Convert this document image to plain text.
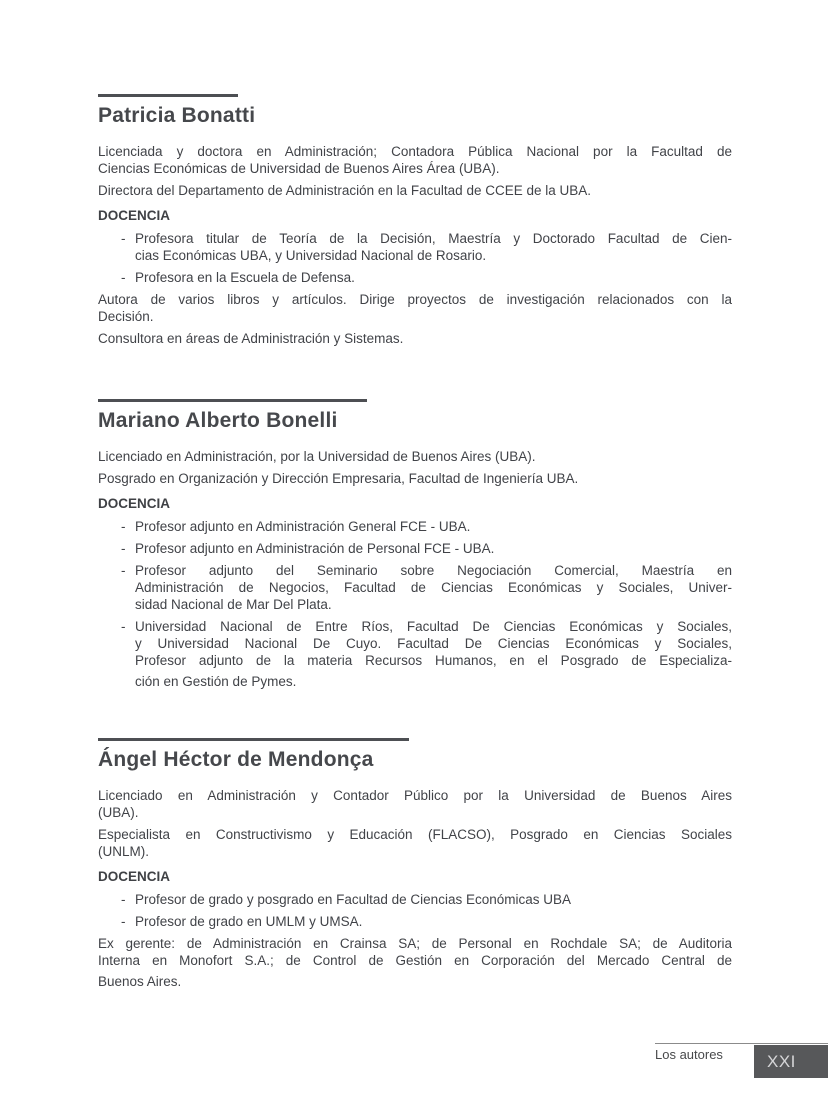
Patricia Bonatti
Licenciada y doctora en Administración; Contadora Pública Nacional por la Facultad de
Ciencias Económicas de Universidad de Buenos Aires Área (UBA).
Directora del Departamento de Administración en la Facultad de CCEE de la UBA.
DOCENCIA
- Profesora titular de Teoría de la Decisión, Maestría y Doctorado Facultad de Cien-
cias Económicas UBA, y Universidad Nacional de Rosario.
- Profesora en la Escuela de Defensa.
Autora de varios libros y artículos. Dirige proyectos de investigación relacionados con la
Decisión.
Consultora en áreas de Administración y Sistemas.
Mariano Alberto Bonelli
Licenciado en Administración, por la Universidad de Buenos Aires (UBA).
Posgrado en Organización y Dirección Empresaria, Facultad de Ingeniería UBA.
DOCENCIA
- Profesor adjunto en Administración General FCE - UBA.
- Profesor adjunto en Administración de Personal FCE - UBA.
- Profesor adjunto del Seminario sobre Negociación Comercial, Maestría en
Administración de Negocios, Facultad de Ciencias Económicas y Sociales, Univer-
sidad Nacional de Mar Del Plata.
- Universidad Nacional de Entre Ríos, Facultad De Ciencias Económicas y Sociales,
y Universidad Nacional De Cuyo. Facultad De Ciencias Económicas y Sociales,
Profesor adjunto de la materia Recursos Humanos, en el Posgrado de Especializa-
ción en Gestión de Pymes.
Ángel Héctor de Mendonça
Licenciado en Administración y Contador Público por la Universidad de Buenos Aires
(UBA).
Especialista en Constructivismo y Educación (FLACSO), Posgrado en Ciencias Sociales
(UNLM).
DOCENCIA
- Profesor de grado y posgrado en Facultad de Ciencias Económicas UBA
- Profesor de grado en UMLM y UMSA.
Ex gerente: de Administración en Crainsa SA; de Personal en Rochdale SA; de Auditoria
Interna en Monofort S.A.; de Control de Gestión en Corporación del Mercado Central de
Buenos Aires.
Los autores	XXI
